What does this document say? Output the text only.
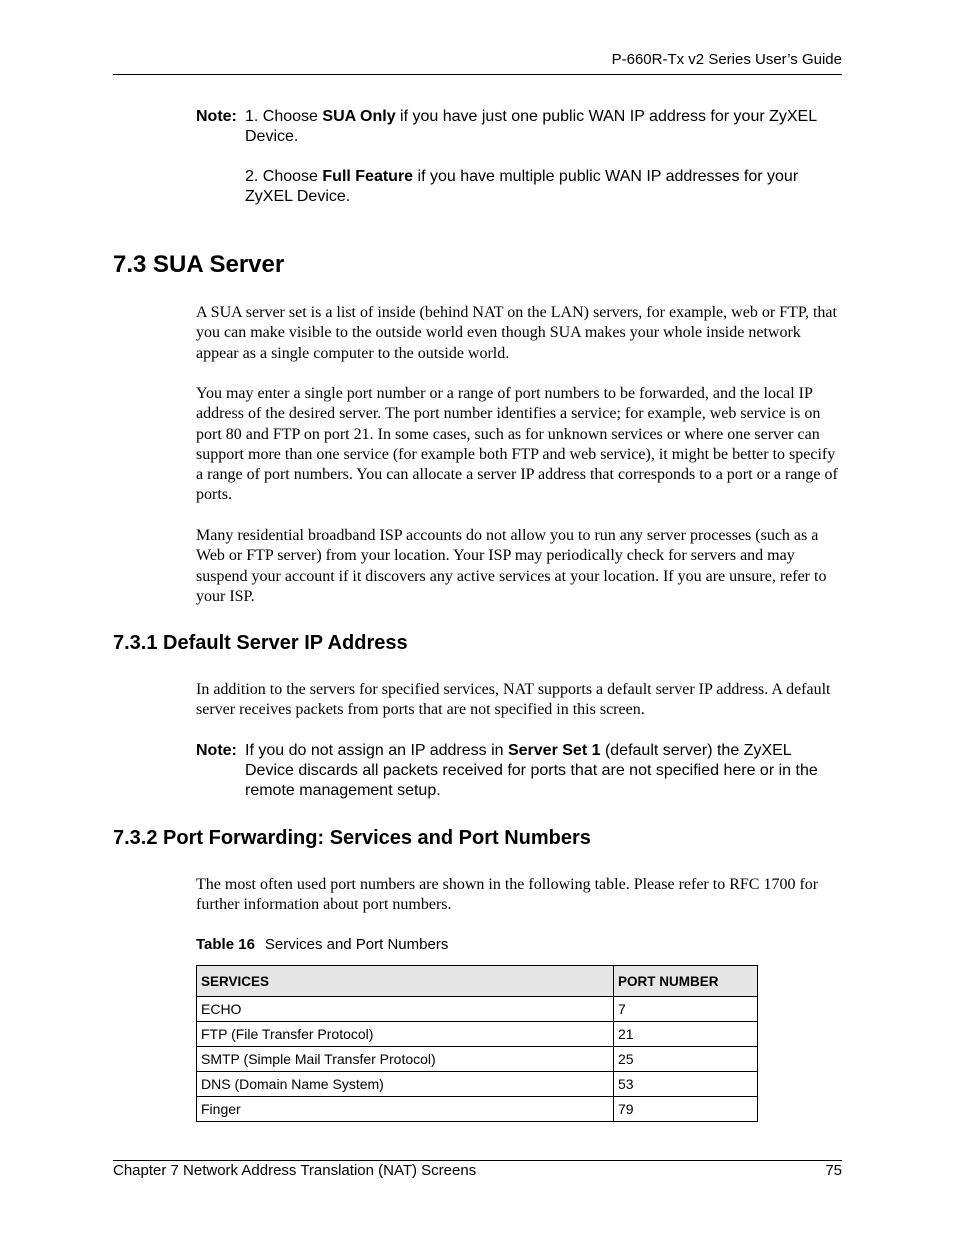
P-660R-Tx v2 Series User’s Guide
Note: 1. Choose SUA Only if you have just one public WAN IP address for your ZyXEL Device.

2. Choose Full Feature if you have multiple public WAN IP addresses for your ZyXEL Device.

7.3 SUA Server

A SUA server set is a list of inside (behind NAT on the LAN) servers, for example, web or FTP, that you can make visible to the outside world even though SUA makes your whole inside network appear as a single computer to the outside world.

You may enter a single port number or a range of port numbers to be forwarded, and the local IP address of the desired server. The port number identifies a service; for example, web service is on port 80 and FTP on port 21. In some cases, such as for unknown services or where one server can support more than one service (for example both FTP and web service), it might be better to specify a range of port numbers. You can allocate a server IP address that corresponds to a port or a range of ports.

Many residential broadband ISP accounts do not allow you to run any server processes (such as a Web or FTP server) from your location. Your ISP may periodically check for servers and may suspend your account if it discovers any active services at your location. If you are unsure, refer to your ISP.

7.3.1 Default Server IP Address

In addition to the servers for specified services, NAT supports a default server IP address. A default server receives packets from ports that are not specified in this screen.

Note: If you do not assign an IP address in Server Set 1 (default server) the ZyXEL Device discards all packets received for ports that are not specified here or in the remote management setup.

7.3.2 Port Forwarding: Services and Port Numbers

The most often used port numbers are shown in the following table. Please refer to RFC 1700 for further information about port numbers.

Table 16 Services and Port Numbers
SERVICES	PORT NUMBER
ECHO	7
FTP (File Transfer Protocol)	21
SMTP (Simple Mail Transfer Protocol)	25
DNS (Domain Name System)	53
Finger	79
Chapter 7 Network Address Translation (NAT) Screens	75
